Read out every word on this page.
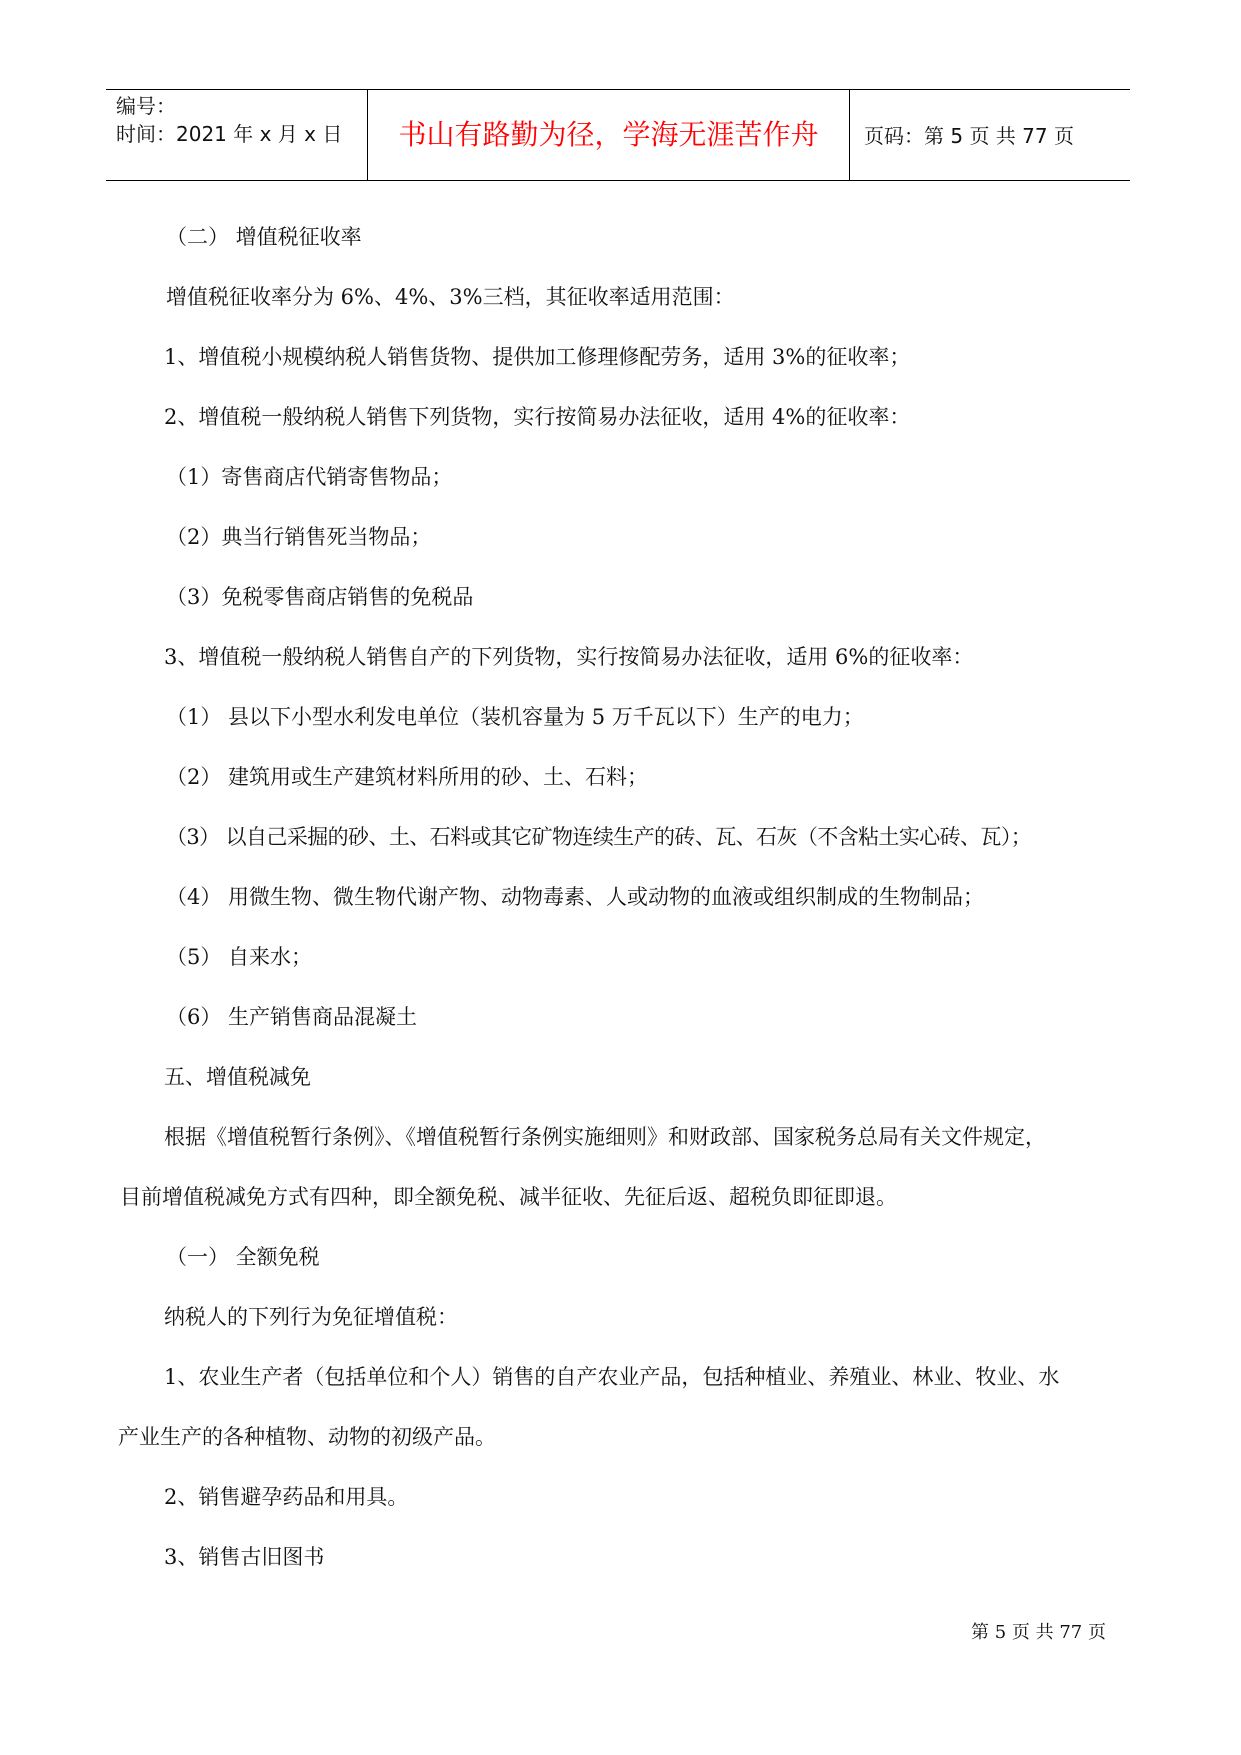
编号：
时间：2021 年 x 月 x 日	书山有路勤为径，学海无涯苦作舟	页码：第 5 页 共 77 页
（二） 增值税征收率
增值税征收率分为 6%、4%、3%三档，其征收率适用范围：
1、增值税小规模纳税人销售货物、提供加工修理修配劳务，适用 3%的征收率；
2、增值税一般纳税人销售下列货物，实行按简易办法征收，适用 4%的征收率：
（1）寄售商店代销寄售物品；
（2）典当行销售死当物品；
（3）免税零售商店销售的免税品
3、增值税一般纳税人销售自产的下列货物，实行按简易办法征收，适用 6%的征收率：
（1） 县以下小型水利发电单位（装机容量为 5 万千瓦以下）生产的电力；
（2） 建筑用或生产建筑材料所用的砂、土、石料；
（3） 以自己采掘的砂、土、石料或其它矿物连续生产的砖、瓦、石灰（不含粘土实心砖、瓦）；
（4） 用微生物、微生物代谢产物、动物毒素、人或动物的血液或组织制成的生物制品；
（5） 自来水；
（6） 生产销售商品混凝土
五、增值税减免
根据《增值税暂行条例》、《增值税暂行条例实施细则》和财政部、国家税务总局有关文件规定，
目前增值税减免方式有四种，即全额免税、减半征收、先征后返、超税负即征即退。
（一） 全额免税
纳税人的下列行为免征增值税：
1、农业生产者（包括单位和个人）销售的自产农业产品，包括种植业、养殖业、林业、牧业、水
产业生产的各种植物、动物的初级产品。
2、销售避孕药品和用具。
3、销售古旧图书
第 5 页 共 77 页
